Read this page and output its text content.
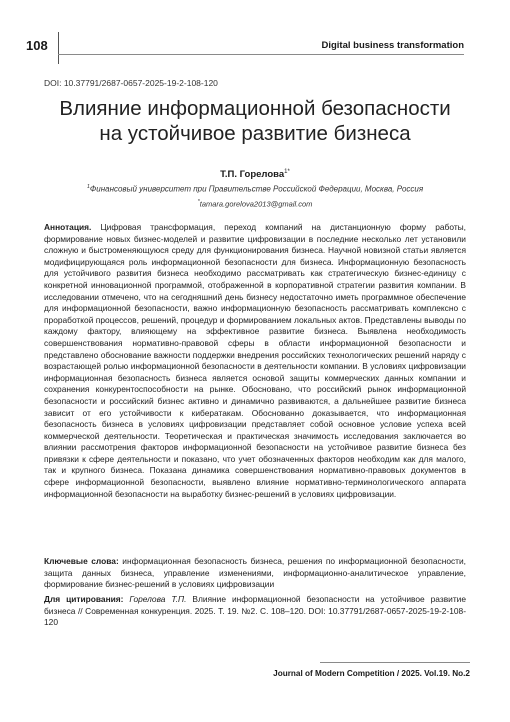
108	Digital business transformation
DOI: 10.37791/2687-0657-2025-19-2-108-120
Влияние информационной безопасности
на устойчивое развитие бизнеса
Т.П. Горелова$^{1*}$
$^1$Финансовый университет при Правительстве Российской Федерации, Москва, Россия
*tamara.gorelova2013@gmail.com
Аннотация. Цифровая трансформация, переход компаний на дистанционную форму работы, формирование новых бизнес-моделей и развитие цифровизации в последние несколько лет установили сложную и быстроменяющуюся среду для функционирования бизнеса. Научной новизной статьи является модифицирующаяся роль информационной безопасности для бизнеса. Информационную безопасность для устойчивого развития бизнеса необходимо рассматривать как стратегическую бизнес-единицу с конкретной инновационной программой, отображенной в корпоративной стратегии развития компании. В исследовании отмечено, что на сегодняшний день бизнесу недостаточно иметь программное обеспечение для информационной безопасности, важно информационную безопасность рассматривать комплексно с проработкой процессов, решений, процедур и формированием локальных актов. Представлены выводы по каждому фактору, влияющему на эффективное развитие бизнеса. Выявлена необходимость совершенствования нормативно-правовой сферы в области информационной безопасности и представлено обоснование важности поддержки внедрения российских технологических решений наряду с возрастающей ролью информационной безопасности в деятельности компании. В условиях цифровизации информационная безопасность бизнеса является основой защиты коммерческих данных компании и сохранения конкурентоспособности на рынке. Обосновано, что российский рынок информационной безопасности и российский бизнес активно и динамично развиваются, а дальнейшее развитие бизнеса зависит от его устойчивости к кибератакам. Обоснованно доказывается, что информационная безопасность бизнеса в условиях цифровизации представляет собой основное условие успеха всей коммерческой деятельности. Теоретическая и практическая значимость исследования заключается во влиянии рассмотрения факторов информационной безопасности на устойчивое развитие бизнеса без привязки к сфере деятельности и показано, что учет обозначенных факторов необходим как для малого, так и крупного бизнеса. Показана динамика совершенствования нормативно-правовых документов в сфере информационной безопасности, выявлено влияние нормативно-терминологического аппарата информационной безопасности на выработку бизнес-решений в условиях цифровизации.
Ключевые слова: информационная безопасность бизнеса, решения по информационной безопасности, защита данных бизнеса, управление изменениями, информационно-аналитическое управление, формирование бизнес-решений в условиях цифровизации
Для цитирования: Горелова Т.П. Влияние информационной безопасности на устойчивое развитие бизнеса // Современная конкуренция. 2025. Т. 19. №2. С. 108–120. DOI: 10.37791/2687-0657-2025-19-2-108-120
Journal of Modern Competition / 2025. Vol.19. No.2
